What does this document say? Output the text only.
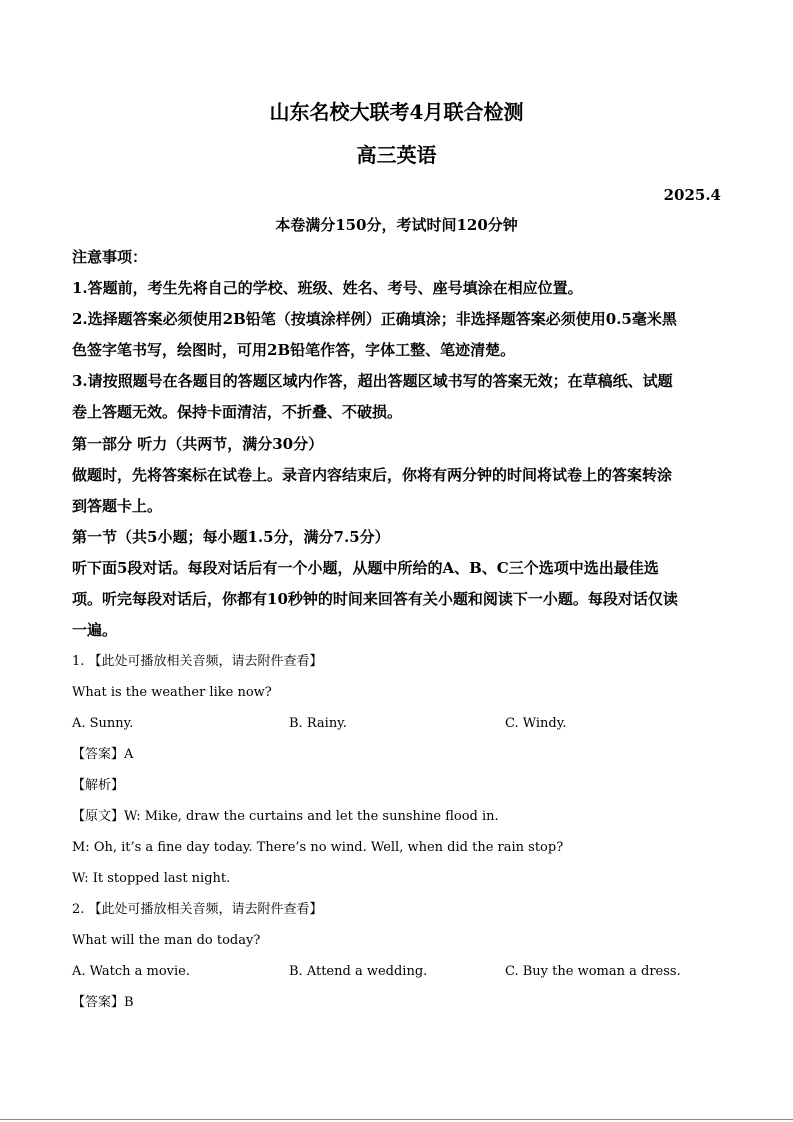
山东名校大联考4月联合检测
高三英语
2025.4
本卷满分150分，考试时间120分钟

注意事项：

1.答题前，考生先将自己的学校、班级、姓名、考号、座号填涂在相应位置。

2.选择题答案必须使用2B铅笔（按填涂样例）正确填涂；非选择题答案必须使用0.5毫米黑

色签字笔书写，绘图时，可用2B铅笔作答，字体工整、笔迹清楚。

3.请按照题号在各题目的答题区域内作答，超出答题区域书写的答案无效；在草稿纸、试题

卷上答题无效。保持卡面清洁，不折叠、不破损。

第一部分 听力（共两节，满分30分）

做题时，先将答案标在试卷上。录音内容结束后，你将有两分钟的时间将试卷上的答案转涂

到答题卡上。

第一节（共5小题；每小题1.5分，满分7.5分）

听下面5段对话。每段对话后有一个小题，从题中所给的A、B、C三个选项中选出最佳选

项。听完每段对话后，你都有10秒钟的时间来回答有关小题和阅读下一小题。每段对话仅读

一遍。

1. 【此处可播放相关音频，请去附件查看】

What is the weather like now?

A. Sunny.	B. Rainy.	C. Windy.

【答案】A

【解析】

【原文】W: Mike, draw the curtains and let the sunshine flood in.

M: Oh, it’s a fine day today. There’s no wind. Well, when did the rain stop?

W: It stopped last night.

2. 【此处可播放相关音频，请去附件查看】

What will the man do today?

A. Watch a movie.	B. Attend a wedding.	C. Buy the woman a dress.

【答案】B
